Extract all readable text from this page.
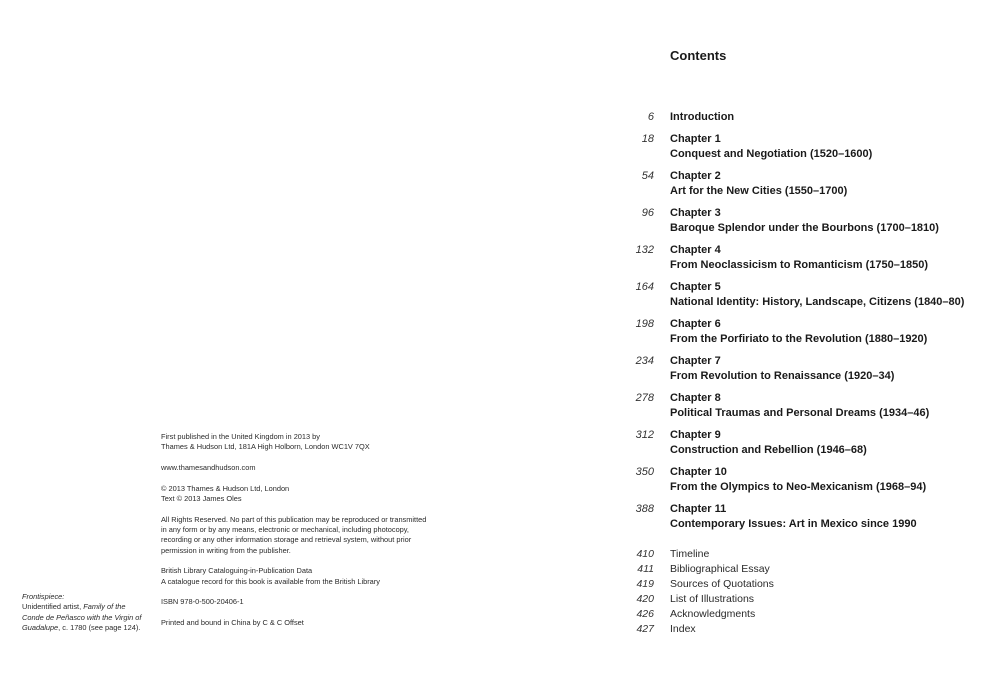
First published in the United Kingdom in 2013 by
Thames & Hudson Ltd, 181A High Holborn, London WC1V 7QX
www.thamesandhudson.com
© 2013 Thames & Hudson Ltd, London
Text © 2013 James Oles
All Rights Reserved. No part of this publication may be reproduced or transmitted
in any form or by any means, electronic or mechanical, including photocopy,
recording or any other information storage and retrieval system, without prior
permission in writing from the publisher.
British Library Cataloguing-in-Publication Data
A catalogue record for this book is available from the British Library
ISBN 978-0-500-20406-1
Printed and bound in China by C & C Offset
Frontispiece:
Unidentified artist, Family of the
Conde de Peñasco with the Virgin of
Guadalupe, c. 1780 (see page 124).
Contents
6 Introduction
18 Chapter 1
Conquest and Negotiation (1520–1600)
54 Chapter 2
Art for the New Cities (1550–1700)
96 Chapter 3
Baroque Splendor under the Bourbons (1700–1810)
132 Chapter 4
From Neoclassicism to Romanticism (1750–1850)
164 Chapter 5
National Identity: History, Landscape, Citizens (1840–80)
198 Chapter 6
From the Porfiriato to the Revolution (1880–1920)
234 Chapter 7
From Revolution to Renaissance (1920–34)
278 Chapter 8
Political Traumas and Personal Dreams (1934–46)
312 Chapter 9
Construction and Rebellion (1946–68)
350 Chapter 10
From the Olympics to Neo-Mexicanism (1968–94)
388 Chapter 11
Contemporary Issues: Art in Mexico since 1990
410 Timeline
411 Bibliographical Essay
419 Sources of Quotations
420 List of Illustrations
426 Acknowledgments
427 Index
